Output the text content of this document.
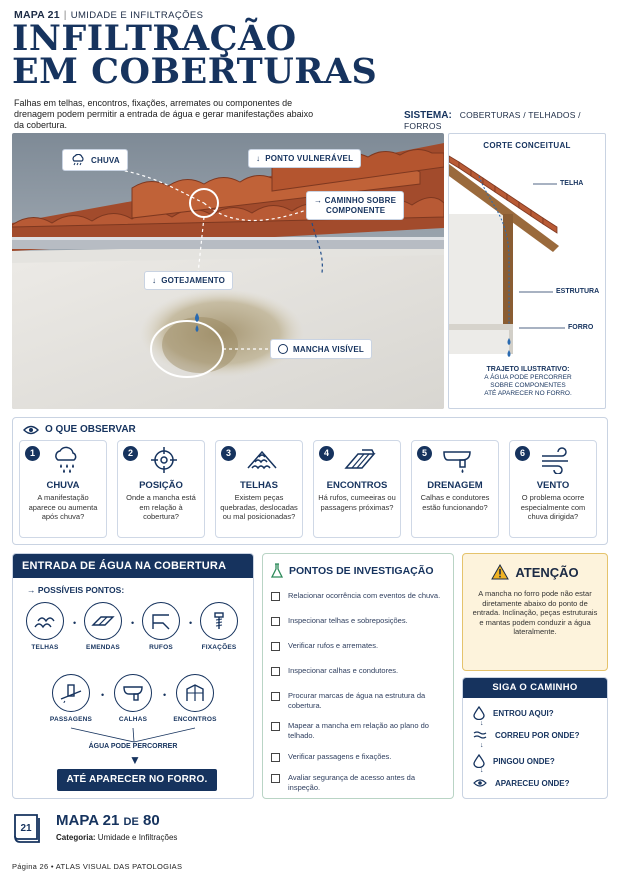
MAPA 21 | UMIDADE E INFILTRAÇÕES
INFILTRAÇÃO
EM COBERTURAS
Falhas em telhas, encontros, fixações, arremates ou componentes de drenagem podem permitir a entrada de água e gerar manifestações abaixo da cobertura.
SISTEMA: COBERTURAS / TELHADOS / FORROS
CHUVA	↓ PONTO VULNERÁVEL
→ CAMINHO SOBRE
COMPONENTE
↓ GOTEJAMENTO
MANCHA VISÍVEL
CORTE CONCEITUAL
TELHA
ESTRUTURA
FORRO
TRAJETO ILUSTRATIVO:
A ÁGUA PODE PERCORRER
SOBRE COMPONENTES
ATÉ APARECER NO FORRO.
O QUE OBSERVAR
1
CHUVA
A manifestação aparece ou aumenta após chuva?
2
POSIÇÃO
Onde a mancha está em relação à cobertura?
3
TELHAS
Existem peças quebradas, deslocadas ou mal posicionadas?
4
ENCONTROS
Há rufos, cumeeiras ou passagens próximas?
5
DRENAGEM
Calhas e condutores estão funcionando?
6
VENTO
O problema ocorre especialmente com chuva dirigida?
ENTRADA DE ÁGUA NA COBERTURA
→ POSSÍVEIS PONTOS:
TELHAS
•
EMENDAS
•
RUFOS
•
FIXAÇÕES
PASSAGENS
•
CALHAS
•
ENCONTROS
ÁGUA PODE PERCORRER
▼
ATÉ APARECER NO FORRO.
PONTOS DE INVESTIGAÇÃO
Relacionar ocorrência com eventos de chuva.
Inspecionar telhas e sobreposições.
Verificar rufos e arremates.
Inspecionar calhas e condutores.
Procurar marcas de água na estrutura da cobertura.
Mapear a mancha em relação ao plano do telhado.
Verificar passagens e fixações.
Avaliar segurança de acesso antes da inspeção.
ATENÇÃO
A mancha no forro pode não estar diretamente abaixo do ponto de entrada. Inclinação, peças estruturais e mantas podem conduzir a água lateralmente.
SIGA O CAMINHO
ENTROU AQUI?
↓
CORREU POR ONDE?
↓
PINGOU ONDE?
↓
APARECEU ONDE?
21 MAPA 21 DE 80
Categoria: Umidade e Infiltrações
Página 26 • ATLAS VISUAL DAS PATOLOGIAS
